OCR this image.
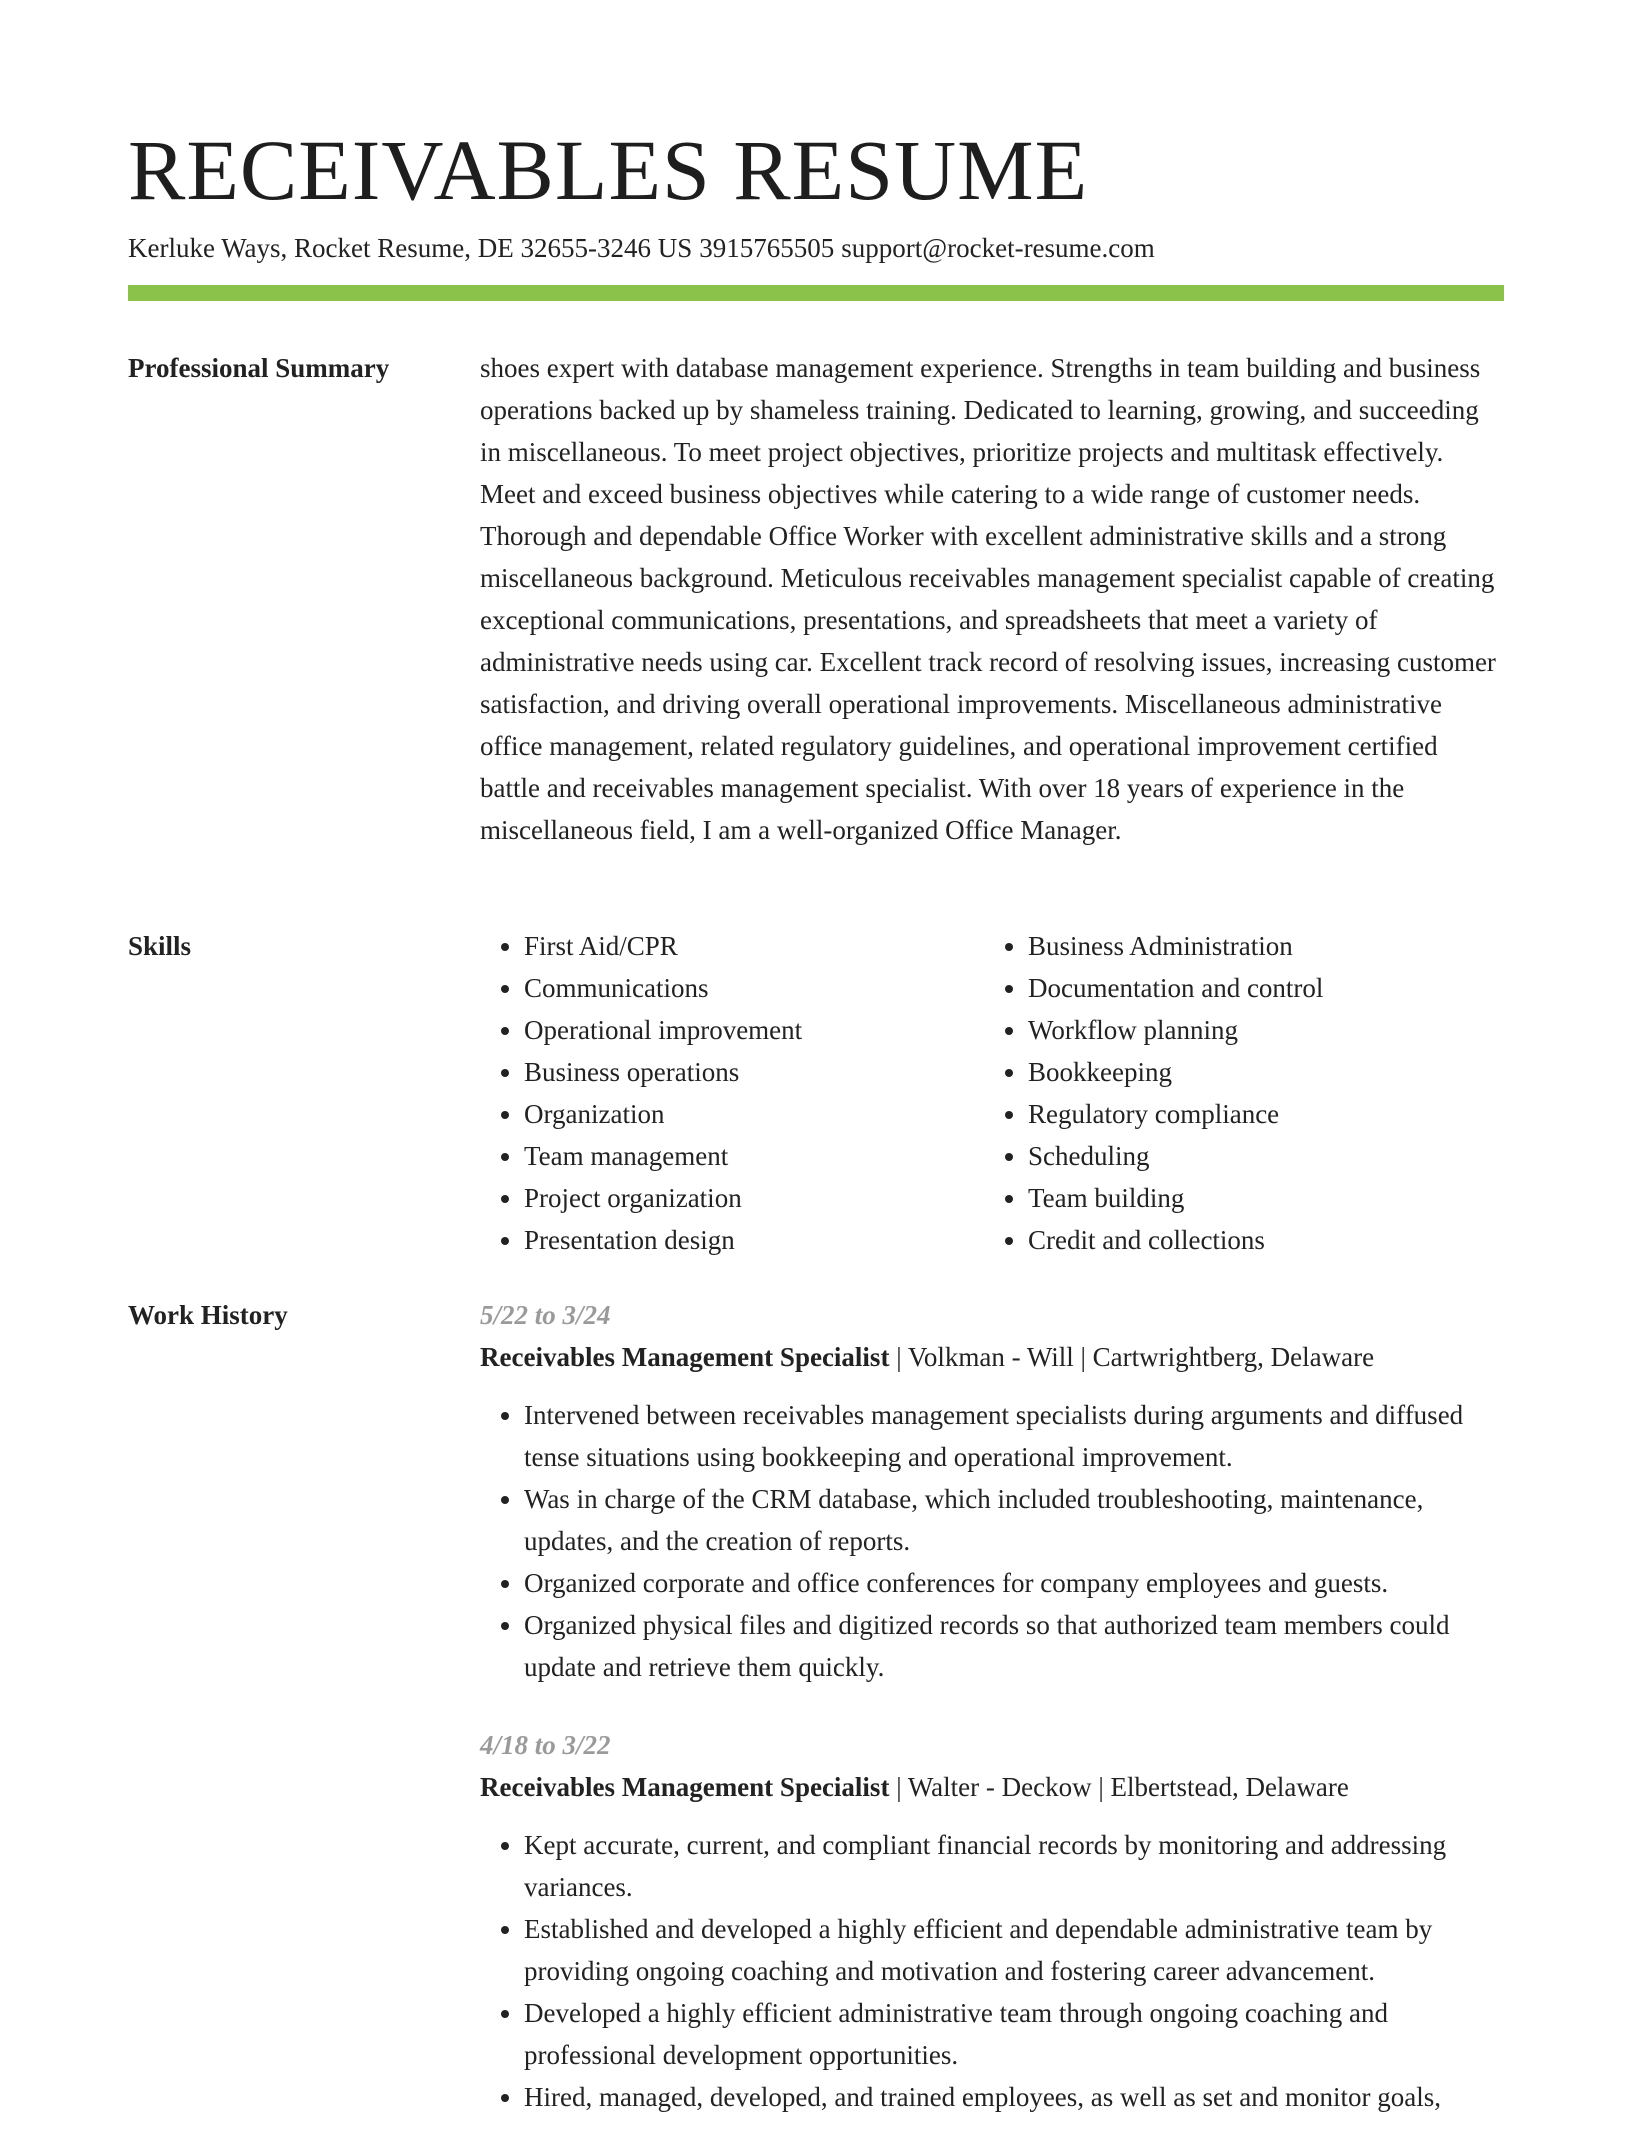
RECEIVABLES RESUME
Kerluke Ways, Rocket Resume, DE 32655-3246 US 3915765505 support@rocket-resume.com
Professional Summary	shoes expert with database management experience. Strengths in team building and business operations backed up by shameless training. Dedicated to learning, growing, and succeeding in miscellaneous. To meet project objectives, prioritize projects and multitask effectively. Meet and exceed business objectives while catering to a wide range of customer needs. Thorough and dependable Office Worker with excellent administrative skills and a strong miscellaneous background. Meticulous receivables management specialist capable of creating exceptional communications, presentations, and spreadsheets that meet a variety of administrative needs using car. Excellent track record of resolving issues, increasing customer satisfaction, and driving overall operational improvements. Miscellaneous administrative office management, related regulatory guidelines, and operational improvement certified battle and receivables management specialist. With over 18 years of experience in the miscellaneous field, I am a well-organized Office Manager.

Skills
•	First Aid/CPR
• Communications
• Operational improvement
• Business operations
• Organization
• Team management
• Project organization
• Presentation design
• Business Administration
• Documentation and control
• Workflow planning
• Bookkeeping
• Regulatory compliance
• Scheduling
• Team building
• Credit and collections
Work History	5/22 to 3/24
Receivables Management Specialist | Volkman - Will | Cartwrightberg, Delaware
• Intervened between receivables management specialists during arguments and diffused tense situations using bookkeeping and operational improvement.
• Was in charge of the CRM database, which included troubleshooting, maintenance, updates, and the creation of reports.
• Organized corporate and office conferences for company employees and guests.
• Organized physical files and digitized records so that authorized team members could update and retrieve them quickly.
4/18 to 3/22
Receivables Management Specialist | Walter - Deckow | Elbertstead, Delaware
• Kept accurate, current, and compliant financial records by monitoring and addressing variances.
• Established and developed a highly efficient and dependable administrative team by providing ongoing coaching and motivation and fostering career advancement.
• Developed a highly efficient administrative team through ongoing coaching and professional development opportunities.
• Hired, managed, developed, and trained employees, as well as set and monitor goals,
